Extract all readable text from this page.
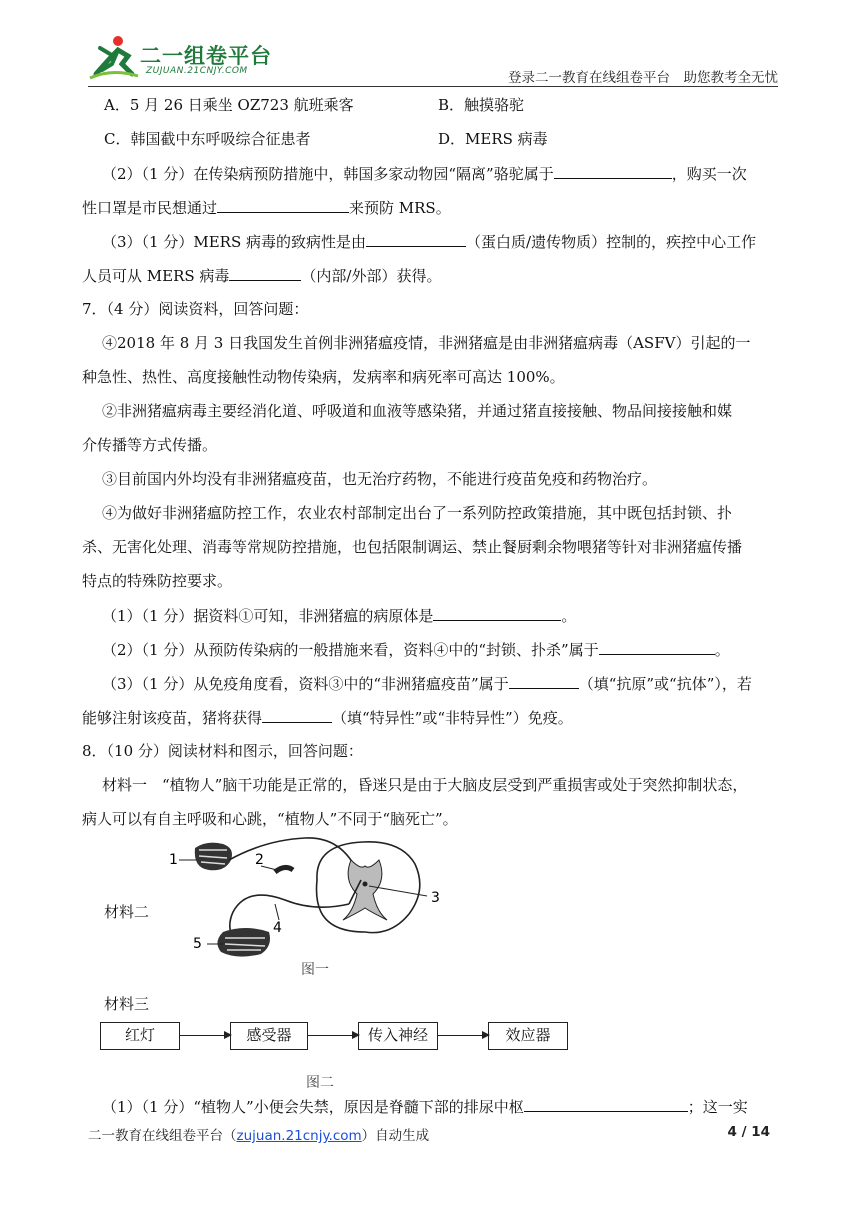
二一组卷平台
ZUJUAN.21CNJY.COM	登录二一教育在线组卷平台　助您教考全无忧
A．5 月 26 日乘坐 OZ723 航班乘客	B．触摸骆驼
C．韩国截中东呼吸综合征患者	D．MERS 病毒
（2）（1 分）在传染病预防措施中，韩国多家动物园“隔离”骆驼属于	，购买一次
性口罩是市民想通过	来预防 MRS。
（3）（1 分）MERS 病毒的致病性是由	（蛋白质/遗传物质）控制的，疾控中心工作
人员可从 MERS 病毒	（内部/外部）获得。
7．（4 分）阅读资料，回答问题：
④2018 年 8 月 3 日我国发生首例非洲猪瘟疫情，非洲猪瘟是由非洲猪瘟病毒（ASFV）引起的一
种急性、热性、高度接触性动物传染病，发病率和病死率可高达 100%。
②非洲猪瘟病毒主要经消化道、呼吸道和血液等感染猪，并通过猪直接接触、物品间接接触和媒
介传播等方式传播。
③目前国内外均没有非洲猪瘟疫苗，也无治疗药物，不能进行疫苗免疫和药物治疗。
④为做好非洲猪瘟防控工作，农业农村部制定出台了一系列防控政策措施，其中既包括封锁、扑
杀、无害化处理、消毒等常规防控措施，也包括限制调运、禁止餐厨剩余物喂猪等针对非洲猪瘟传播
特点的特殊防控要求。
（1）（1 分）据资料①可知，非洲猪瘟的病原体是	。
（2）（1 分）从预防传染病的一般措施来看，资料④中的“封锁、扑杀”属于	。
（3）（1 分）从免疫角度看，资料③中的“非洲猪瘟疫苗”属于	（填“抗原”或“抗体”），若
能够注射该疫苗，猪将获得	（填“特异性”或“非特异性”）免疫。
8．（10 分）阅读材料和图示，回答问题：
材料一　“植物人”脑干功能是正常的，昏迷只是由于大脑皮层受到严重损害或处于突然抑制状态，
病人可以有自主呼吸和心跳，“植物人”不同于“脑死亡”。
材料二
1	2
3
4
5
图一
材料三
红灯	感受器	传入神经	效应器
图二
（1）（1 分）“植物人”小便会失禁，原因是脊髓下部的排尿中枢	；这一实
二一教育在线组卷平台（zujuan.21cnjy.com）自动生成	4 / 14
